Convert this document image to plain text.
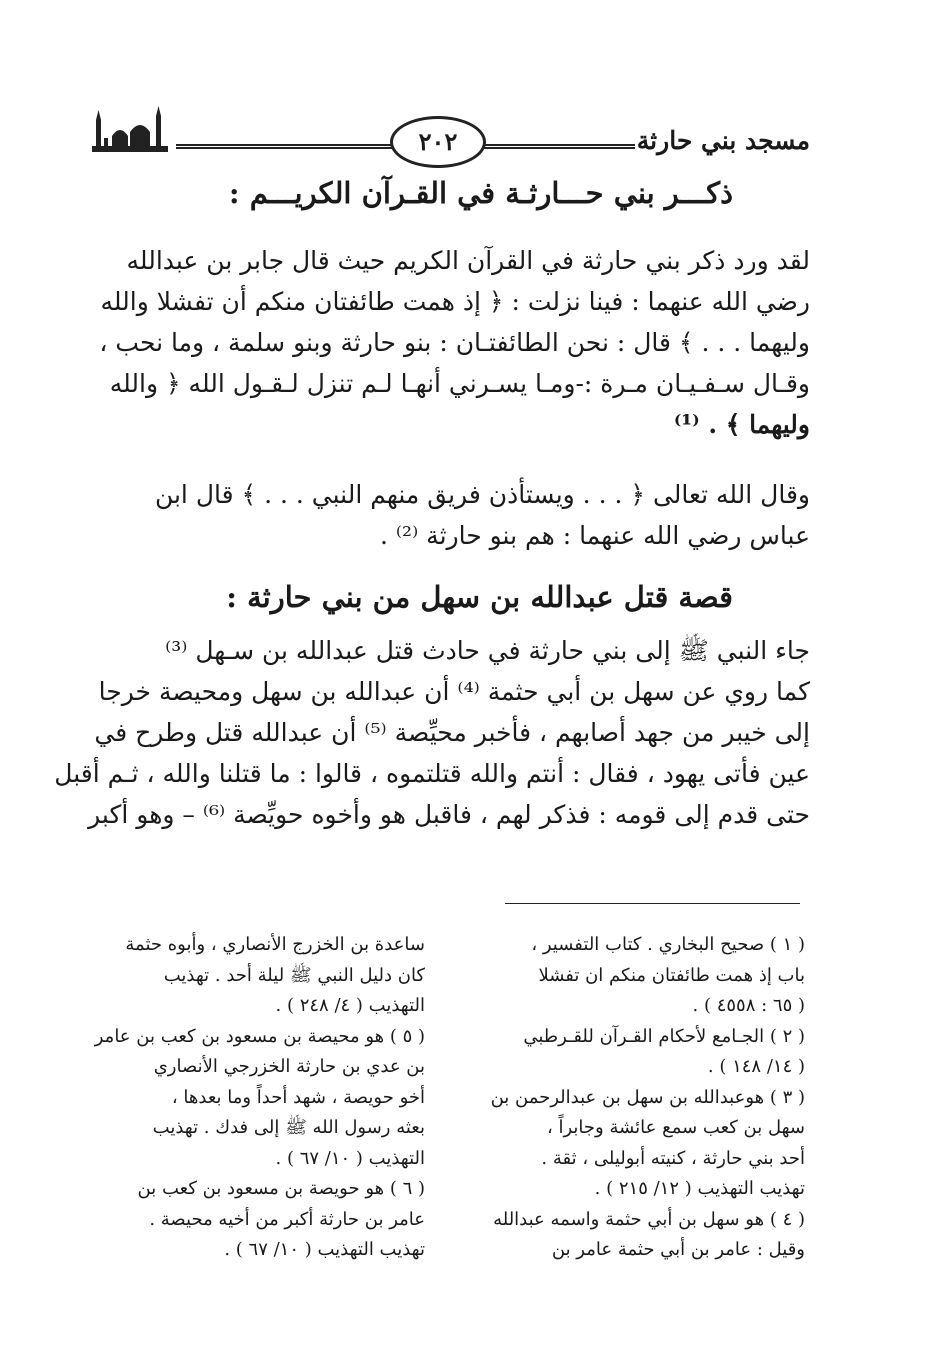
مسجد بني حارثة
٢٠٢
ذكـــر بني حـــارثـة في القـرآن الكريـــم :
لقد ورد ذكر بني حارثة في القرآن الكريم حيث قال جابر بن عبدالله
رضي الله عنهما : فينا نزلت : ﴿ إذ همت طائفتان منكم أن تفشلا والله
وليهما . . . ﴾ قال : نحن الطائفتـان : بنو حارثة وبنو سلمة ، وما نحب ،
وقـال سـفـيـان مـرة :-ومـا يسـرني أنهـا لـم تنزل لـقـول الله ﴿ والله
وليهما ﴾ . ⁽¹⁾
وقال الله تعالى ﴿ . . . ويستأذن فريق منهم النبي . . . ﴾ قال ابن
عباس رضي الله عنهما : هم بنو حارثة ⁽²⁾ .
قصة قتل عبدالله بن سهل من بني حارثة :
جاء النبي ﷺ إلى بني حارثة في حادث قتل عبدالله بن سـهل ⁽³⁾
كما روي عن سهل بن أبي حثمة ⁽⁴⁾ أن عبدالله بن سهل ومحيصة خرجا
إلى خيبر من جهد أصابهم ، فأخبر محيِّصة ⁽⁵⁾ أن عبدالله قتل وطرح في
عين فأتى يهود ، فقال : أنتم والله قتلتموه ، قالوا : ما قتلنا والله ، ثـم أقبل
حتى قدم إلى قومه : فذكر لهم ، فاقبل هو وأخوه حويِّصة ⁽⁶⁾ – وهو أكبر
( ١ ) صحيح البخاري . كتاب التفسير ،
باب إذ همت طائفتان منكم ان تفشلا
( ٦٥ : ٤٥٥٨ ) .
( ٢ ) الجـامع لأحكام القـرآن للقـرطبي
( ١٤/ ١٤٨ ) .
( ٣ ) هوعبدالله بن سهل بن عبدالرحمن بن
سهل بن كعب سمع عائشة وجابراً ،
أحد بني حارثة ، كنيته أبوليلى ، ثقة .
تهذيب التهذيب ( ١٢/ ٢١٥ ) .
( ٤ ) هو سهل بن أبي حثمة واسمه عبدالله
وقيل : عامر بن أبي حثمة عامر بن
ساعدة بن الخزرج الأنصاري ، وأبوه حثمة
كان دليل النبي ﷺ ليلة أحد . تهذيب
التهذيب ( ٤/ ٢٤٨ ) .
( ٥ ) هو محيصة بن مسعود بن كعب بن عامر
بن عدي بن حارثة الخزرجي الأنصاري
أخو حويصة ، شهد أحداً وما بعدها ،
بعثه رسول الله ﷺ إلى فدك . تهذيب
التهذيب ( ١٠/ ٦٧ ) .
( ٦ ) هو حويصة بن مسعود بن كعب بن
عامر بن حارثة أكبر من أخيه محيصة .
تهذيب التهذيب ( ١٠/ ٦٧ ) .
